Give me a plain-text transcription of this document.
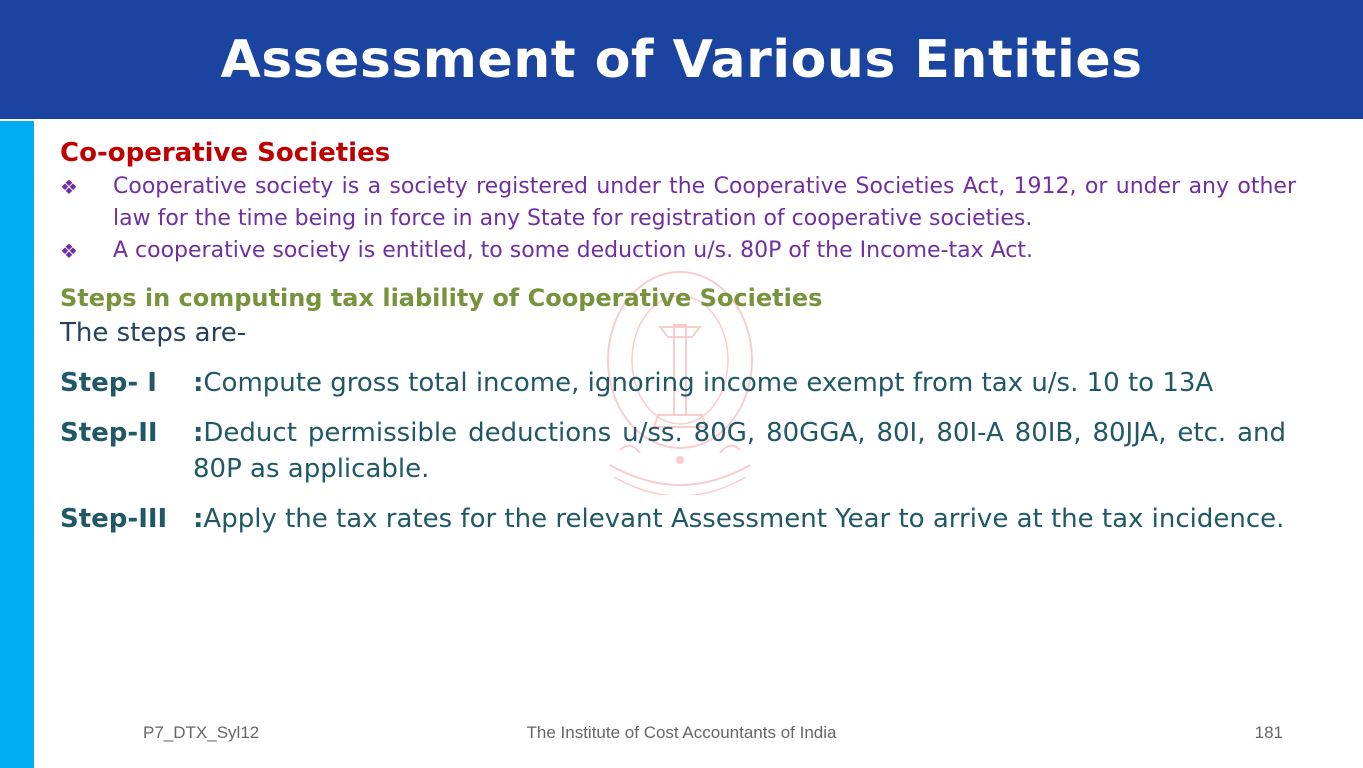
Assessment of Various Entities
Co-operative Societies
❖ Cooperative society is a society registered under the Cooperative Societies Act, 1912, or under any other law for the time being in force in any State for registration of cooperative societies.
❖ A cooperative society is entitled, to some deduction u/s. 80P of the Income-tax Act.
Steps in computing tax liability of Cooperative Societies
The steps are-
Step- I :Compute gross total income, ignoring income exempt from tax u/s. 10 to 13A
Step-II :Deduct permissible deductions u/ss. 80G, 80GGA, 80I, 80I-A 80IB, 80JJA, etc. and 80P as applicable.
Step-III :Apply the tax rates for the relevant Assessment Year to arrive at the tax incidence.
The Institute of Cost Accountants of India
P7_DTX_Syl12	181
